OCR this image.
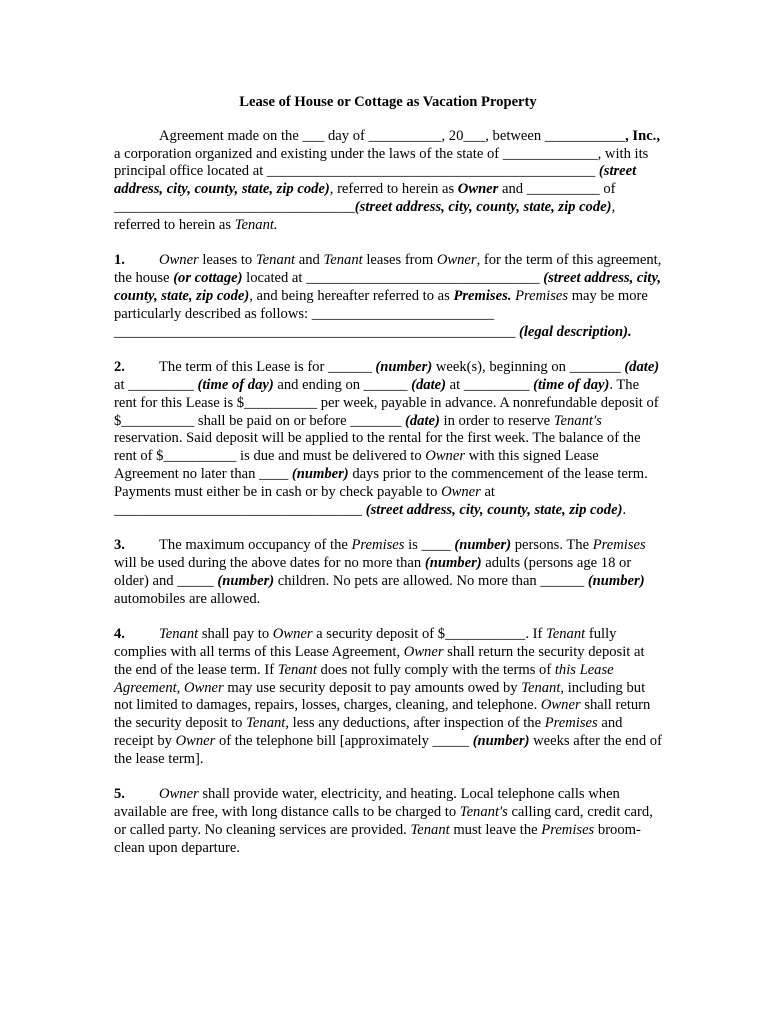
Lease of House or Cottage as Vacation Property

Agreement made on the ___ day of __________, 20___, between ___________, Inc., a corporation organized and existing under the laws of the state of _____________, with its principal office located at _____________________________________________ (street address, city, county, state, zip code), referred to herein as Owner and __________ of _________________________________(street address, city, county, state, zip code), referred to herein as Tenant.

1. Owner leases to Tenant and Tenant leases from Owner, for the term of this agreement, the house (or cottage) located at ________________________________ (street address, city, county, state, zip code), and being hereafter referred to as Premises. Premises may be more particularly described as follows: _________________________ _______________________________________________________ (legal description).

2. The term of this Lease is for ______ (number) week(s), beginning on _______ (date) at _________ (time of day) and ending on ______ (date) at _________ (time of day). The rent for this Lease is $__________ per week, payable in advance. A nonrefundable deposit of $__________ shall be paid on or before _______ (date) in order to reserve Tenant's reservation. Said deposit will be applied to the rental for the first week. The balance of the rent of $__________ is due and must be delivered to Owner with this signed Lease Agreement no later than ____ (number) days prior to the commencement of the lease term. Payments must either be in cash or by check payable to Owner at __________________________________ (street address, city, county, state, zip code).

3. The maximum occupancy of the Premises is ____ (number) persons. The Premises will be used during the above dates for no more than (number) adults (persons age 18 or older) and _____ (number) children. No pets are allowed. No more than ______ (number) automobiles are allowed.

4. Tenant shall pay to Owner a security deposit of $___________. If Tenant fully complies with all terms of this Lease Agreement, Owner shall return the security deposit at the end of the lease term. If Tenant does not fully comply with the terms of this Lease Agreement, Owner may use security deposit to pay amounts owed by Tenant, including but not limited to damages, repairs, losses, charges, cleaning, and telephone. Owner shall return the security deposit to Tenant, less any deductions, after inspection of the Premises and receipt by Owner of the telephone bill [approximately _____ (number) weeks after the end of the lease term].

5. Owner shall provide water, electricity, and heating. Local telephone calls when available are free, with long distance calls to be charged to Tenant's calling card, credit card, or called party. No cleaning services are provided. Tenant must leave the Premises broom-clean upon departure.
